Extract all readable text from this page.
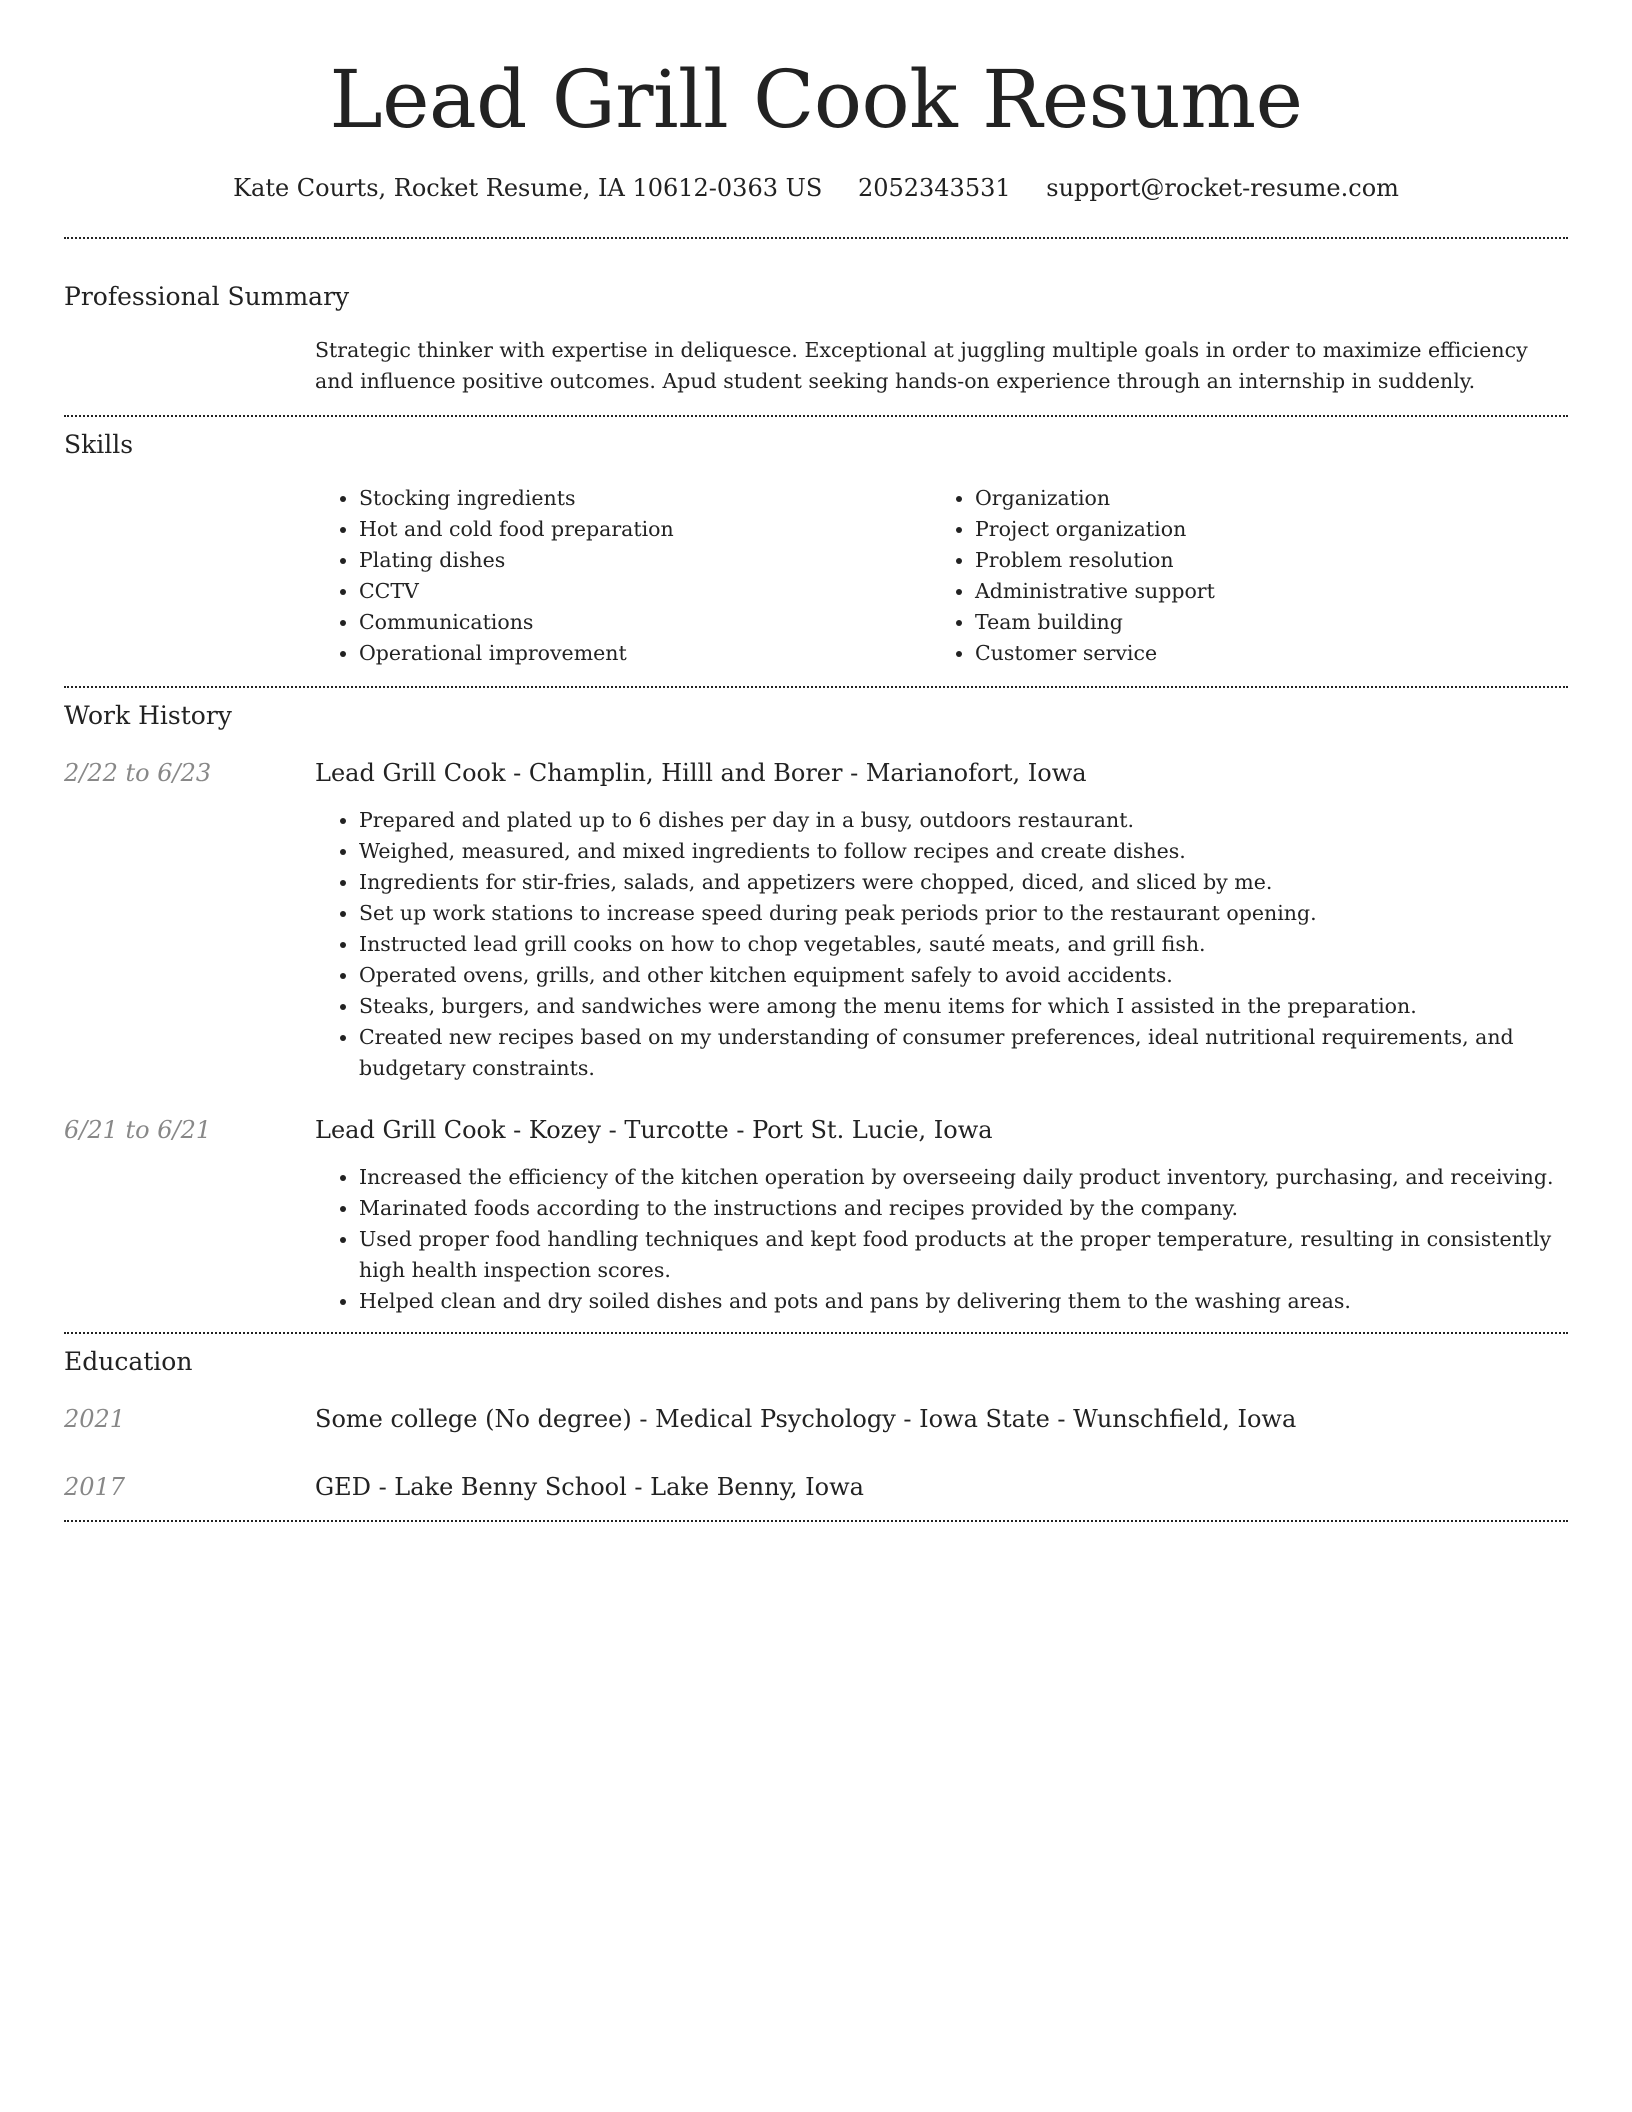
Lead Grill Cook Resume
Kate Courts, Rocket Resume, IA 10612-0363 US 2052343531 support@rocket-resume.com
Professional Summary

Strategic thinker with expertise in deliquesce. Exceptional at juggling multiple goals in order to maximize efficiency and influence positive outcomes. Apud student seeking hands-on experience through an internship in suddenly.

Skills
• Stocking ingredients
• Hot and cold food preparation
• Plating dishes
• CCTV
• Communications
• Operational improvement
• Organization
• Project organization
• Problem resolution
• Administrative support
• Team building
• Customer service
Work History
2/22 to 6/23	Lead Grill Cook - Champlin, Hilll and Borer - Marianofort, Iowa
• Prepared and plated up to 6 dishes per day in a busy, outdoors restaurant.
• Weighed, measured, and mixed ingredients to follow recipes and create dishes.
• Ingredients for stir-fries, salads, and appetizers were chopped, diced, and sliced by me.
• Set up work stations to increase speed during peak periods prior to the restaurant opening.
• Instructed lead grill cooks on how to chop vegetables, sauté meats, and grill fish.
• Operated ovens, grills, and other kitchen equipment safely to avoid accidents.
• Steaks, burgers, and sandwiches were among the menu items for which I assisted in the preparation.
• Created new recipes based on my understanding of consumer preferences, ideal nutritional requirements, and budgetary constraints.
6/21 to 6/21	Lead Grill Cook - Kozey - Turcotte - Port St. Lucie, Iowa
• Increased the efficiency of the kitchen operation by overseeing daily product inventory, purchasing, and receiving.
• Marinated foods according to the instructions and recipes provided by the company.
• Used proper food handling techniques and kept food products at the proper temperature, resulting in consistently high health inspection scores.
• Helped clean and dry soiled dishes and pots and pans by delivering them to the washing areas.
Education
2021	Some college (No degree) - Medical Psychology - Iowa State - Wunschfield, Iowa
2017	GED - Lake Benny School - Lake Benny, Iowa
